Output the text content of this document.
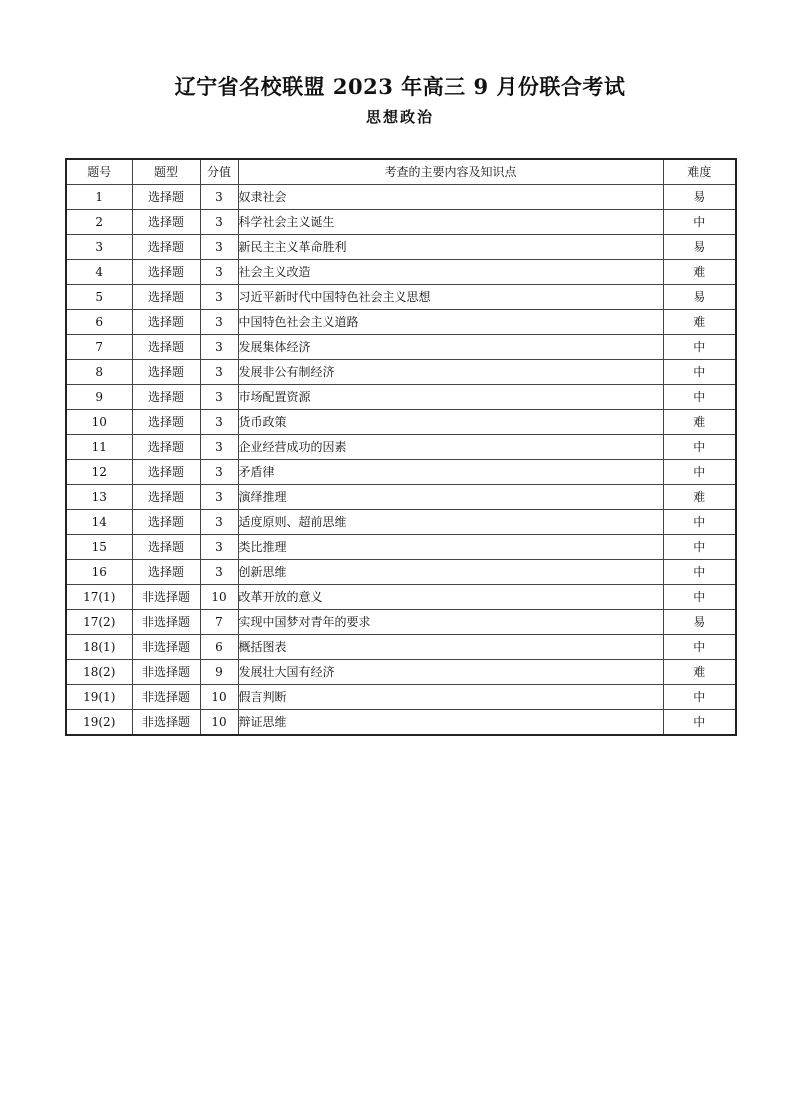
辽宁省名校联盟 2023 年高三 9 月份联合考试
思想政治
题号	题型	分值	考查的主要内容及知识点	难度
1	选择题	3	奴隶社会	易
2	选择题	3	科学社会主义诞生	中
3	选择题	3	新民主主义革命胜利	易
4	选择题	3	社会主义改造	难
5	选择题	3	习近平新时代中国特色社会主义思想	易
6	选择题	3	中国特色社会主义道路	难
7	选择题	3	发展集体经济	中
8	选择题	3	发展非公有制经济	中
9	选择题	3	市场配置资源	中
10	选择题	3	货币政策	难
11	选择题	3	企业经营成功的因素	中
12	选择题	3	矛盾律	中
13	选择题	3	演绎推理	难
14	选择题	3	适度原则、超前思维	中
15	选择题	3	类比推理	中
16	选择题	3	创新思维	中
17(1)	非选择题	10	改革开放的意义	中
17(2)	非选择题	7	实现中国梦对青年的要求	易
18(1)	非选择题	6	概括图表	中
18(2)	非选择题	9	发展壮大国有经济	难
19(1)	非选择题	10	假言判断	中
19(2)	非选择题	10	辩证思维	中
